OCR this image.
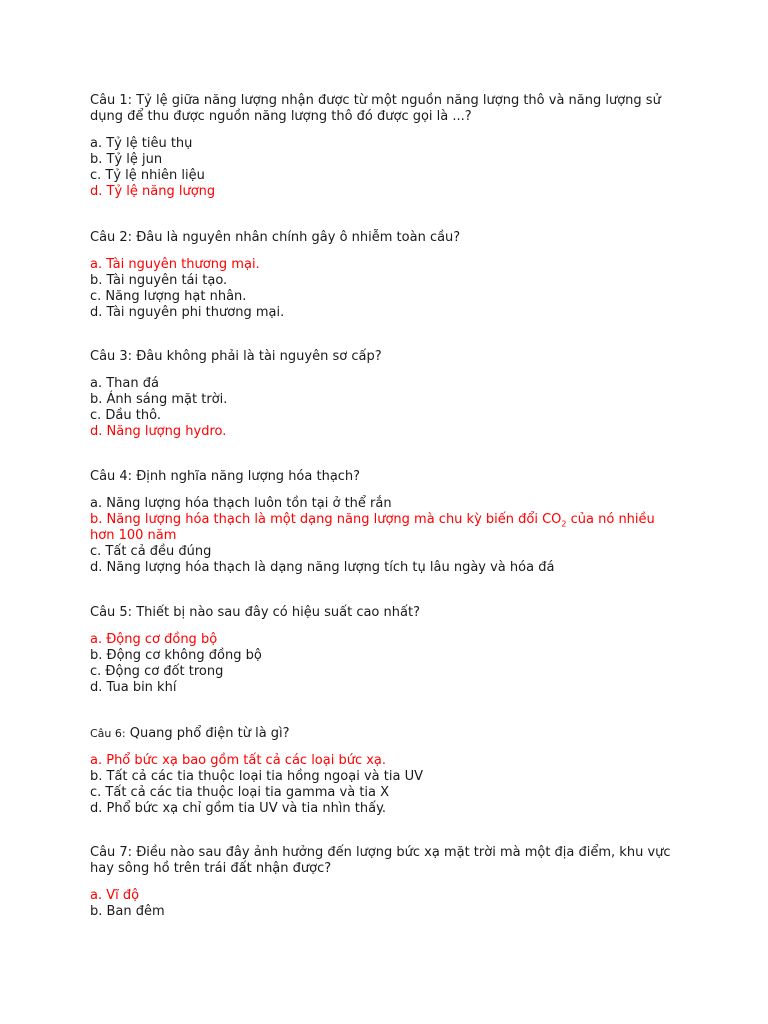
Câu 1: Tỷ lệ giữa năng lượng nhận được từ một nguồn năng lượng thô và năng lượng sử dụng để thu được nguồn năng lượng thô đó được gọi là ...?

a. Tỷ lệ tiêu thụ

b. Tỷ lệ jun

c. Tỷ lệ nhiên liệu

d. Tỷ lệ năng lượng

Câu 2: Đâu là nguyên nhân chính gây ô nhiễm toàn cầu?

a. Tài nguyên thương mại.

b. Tài nguyên tái tạo.

c. Năng lượng hạt nhân.

d. Tài nguyên phi thương mại.

Câu 3: Đâu không phải là tài nguyên sơ cấp?

a. Than đá

b. Ánh sáng mặt trời.

c. Dầu thô.

d. Năng lượng hydro.

Câu 4: Định nghĩa năng lượng hóa thạch?

a. Năng lượng hóa thạch luôn tồn tại ở thể rắn

b. Năng lượng hóa thạch là một dạng năng lượng mà chu kỳ biến đổi $CO_2$ của nó nhiều hơn 100 năm

c. Tất cả đều đúng

d. Năng lượng hóa thạch là dạng năng lượng tích tụ lâu ngày và hóa đá

Câu 5: Thiết bị nào sau đây có hiệu suất cao nhất?

a. Động cơ đồng bộ

b. Động cơ không đồng bộ

c. Động cơ đốt trong

d. Tua bin khí

Câu 6: Quang phổ điện từ là gì?

a. Phổ bức xạ bao gồm tất cả các loại bức xạ.

b. Tất cả các tia thuộc loại tia hồng ngoại và tia UV

c. Tất cả các tia thuộc loại tia gamma và tia X

d. Phổ bức xạ chỉ gồm tia UV và tia nhìn thấy.

Câu 7: Điều nào sau đây ảnh hưởng đến lượng bức xạ mặt trời mà một địa điểm, khu vực hay sông hồ trên trái đất nhận được?

a. Vĩ độ

b. Ban đêm
